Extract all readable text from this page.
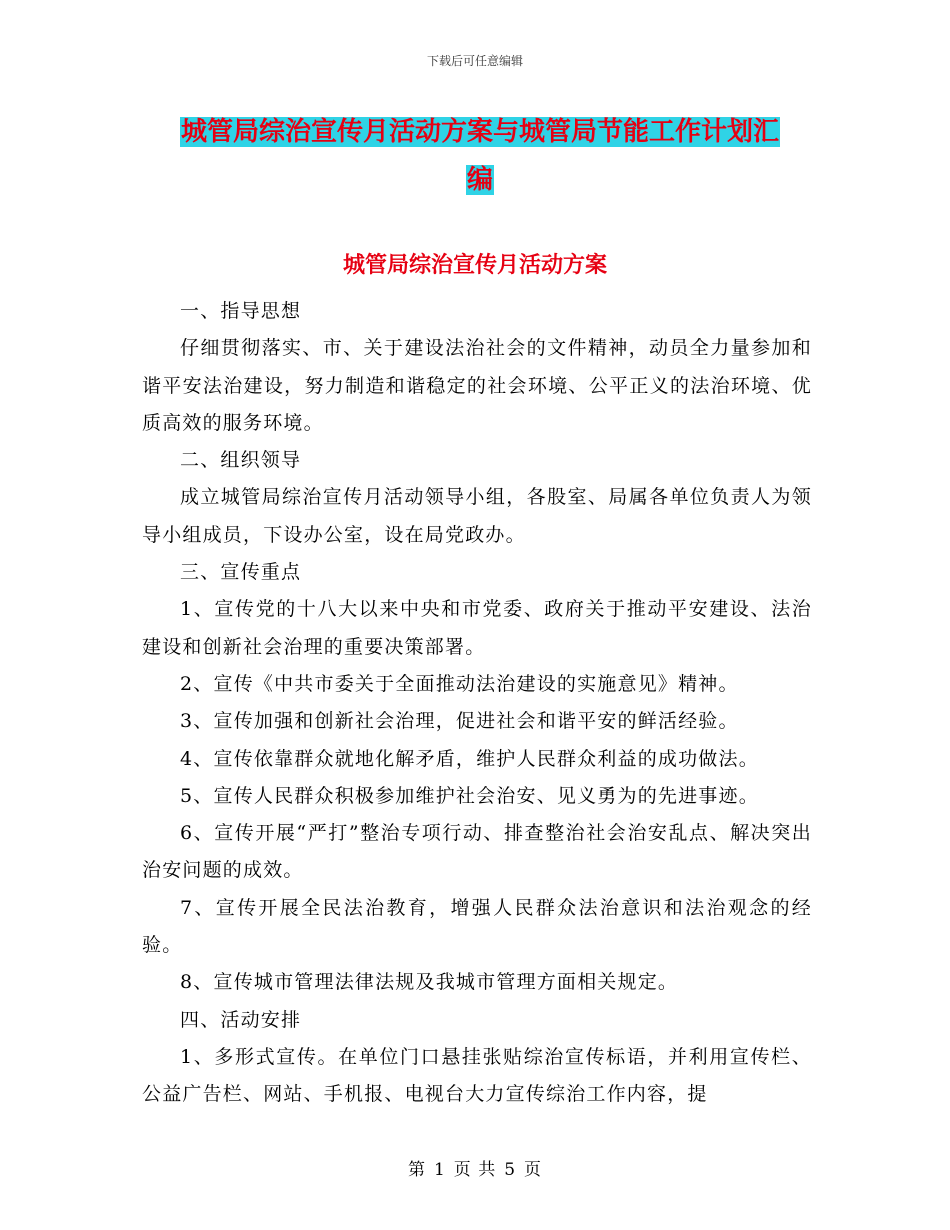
下载后可任意编辑
城管局综治宣传月活动方案与城管局节能工作计划汇
编
城管局综治宣传月活动方案

一、指导思想

仔细贯彻落实、市、关于建设法治社会的文件精神，动员全力量参加和谐平安法治建设，努力制造和谐稳定的社会环境、公平正义的法治环境、优质高效的服务环境。

二、组织领导

成立城管局综治宣传月活动领导小组，各股室、局属各单位负责人为领导小组成员，下设办公室，设在局党政办。

三、宣传重点

1、宣传党的十八大以来中央和市党委、政府关于推动平安建设、法治建设和创新社会治理的重要决策部署。

2、宣传《中共市委关于全面推动法治建设的实施意见》精神。

3、宣传加强和创新社会治理，促进社会和谐平安的鲜活经验。

4、宣传依靠群众就地化解矛盾，维护人民群众利益的成功做法。

5、宣传人民群众积极参加维护社会治安、见义勇为的先进事迹。

6、宣传开展“严打”整治专项行动、排查整治社会治安乱点、解决突出治安问题的成效。

7、宣传开展全民法治教育，增强人民群众法治意识和法治观念的经验。

8、宣传城市管理法律法规及我城市管理方面相关规定。

四、活动安排

1、多形式宣传。在单位门口悬挂张贴综治宣传标语，并利用宣传栏、公益广告栏、网站、手机报、电视台大力宣传综治工作内容，提

第 1 页 共 5 页
